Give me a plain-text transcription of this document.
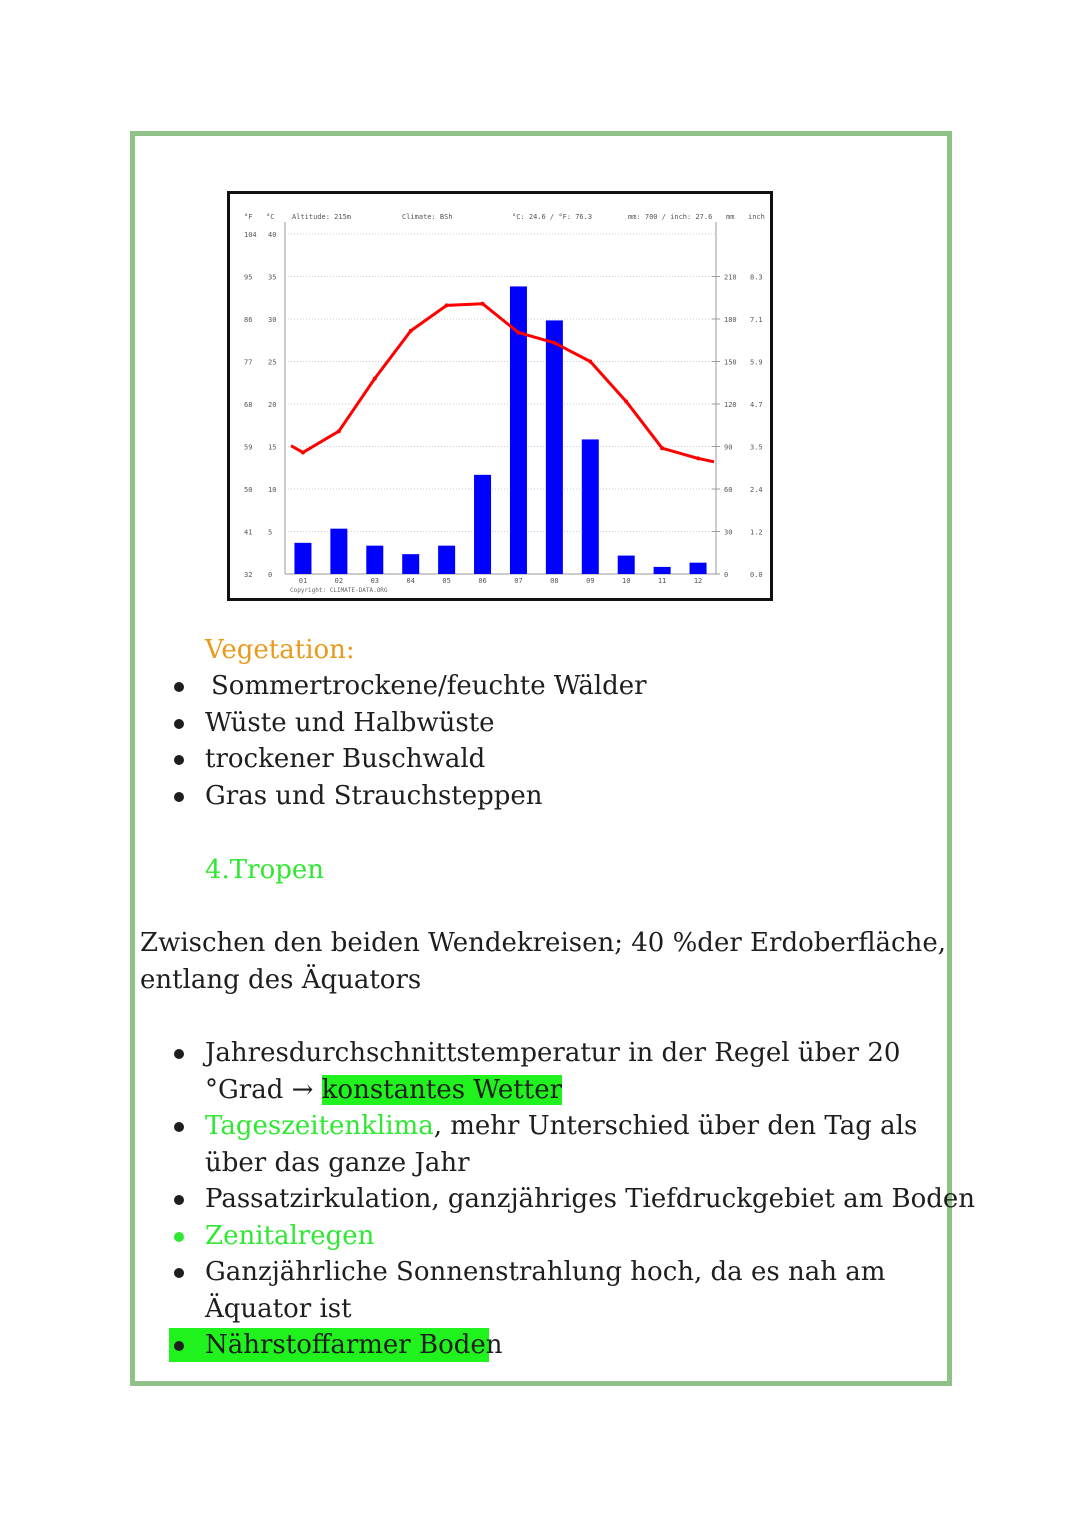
°F °C	Altitude: 215m	Climate: BSh	°C: 24.6 / °F: 76.3	mm: 700 / inch: 27.6 mm inch
40
35
30
25
20
15
10
5
0
104
95
86
77
68
59
50
41
32
210 8.3
180 7.1
150 5.9
120 4.7
90	3.5
60	2.4
30	1.2
0	0.0
01	02	03	04	05	06	07	08	09	10	11	12
Copyright: CLIMATE-DATA.ORG
Vegetation:
Sommertrockene/feuchte Wälder
Wüste und Halbwüste
trockener Buschwald
Gras und Strauchsteppen
4.Tropen
Zwischen den beiden Wendekreisen; 40 %der Erdoberfläche,
entlang des Äquators
Jahresdurchschnittstemperatur in der Regel über 20
°Grad → konstantes Wetter
Tageszeitenklima, mehr Unterschied über den Tag als
über das ganze Jahr
Passatzirkulation, ganzjähriges Tiefdruckgebiet am Boden
Zenitalregen
Ganzjährliche Sonnenstrahlung hoch, da es nah am
Äquator ist
Nährstoffarmer Boden
